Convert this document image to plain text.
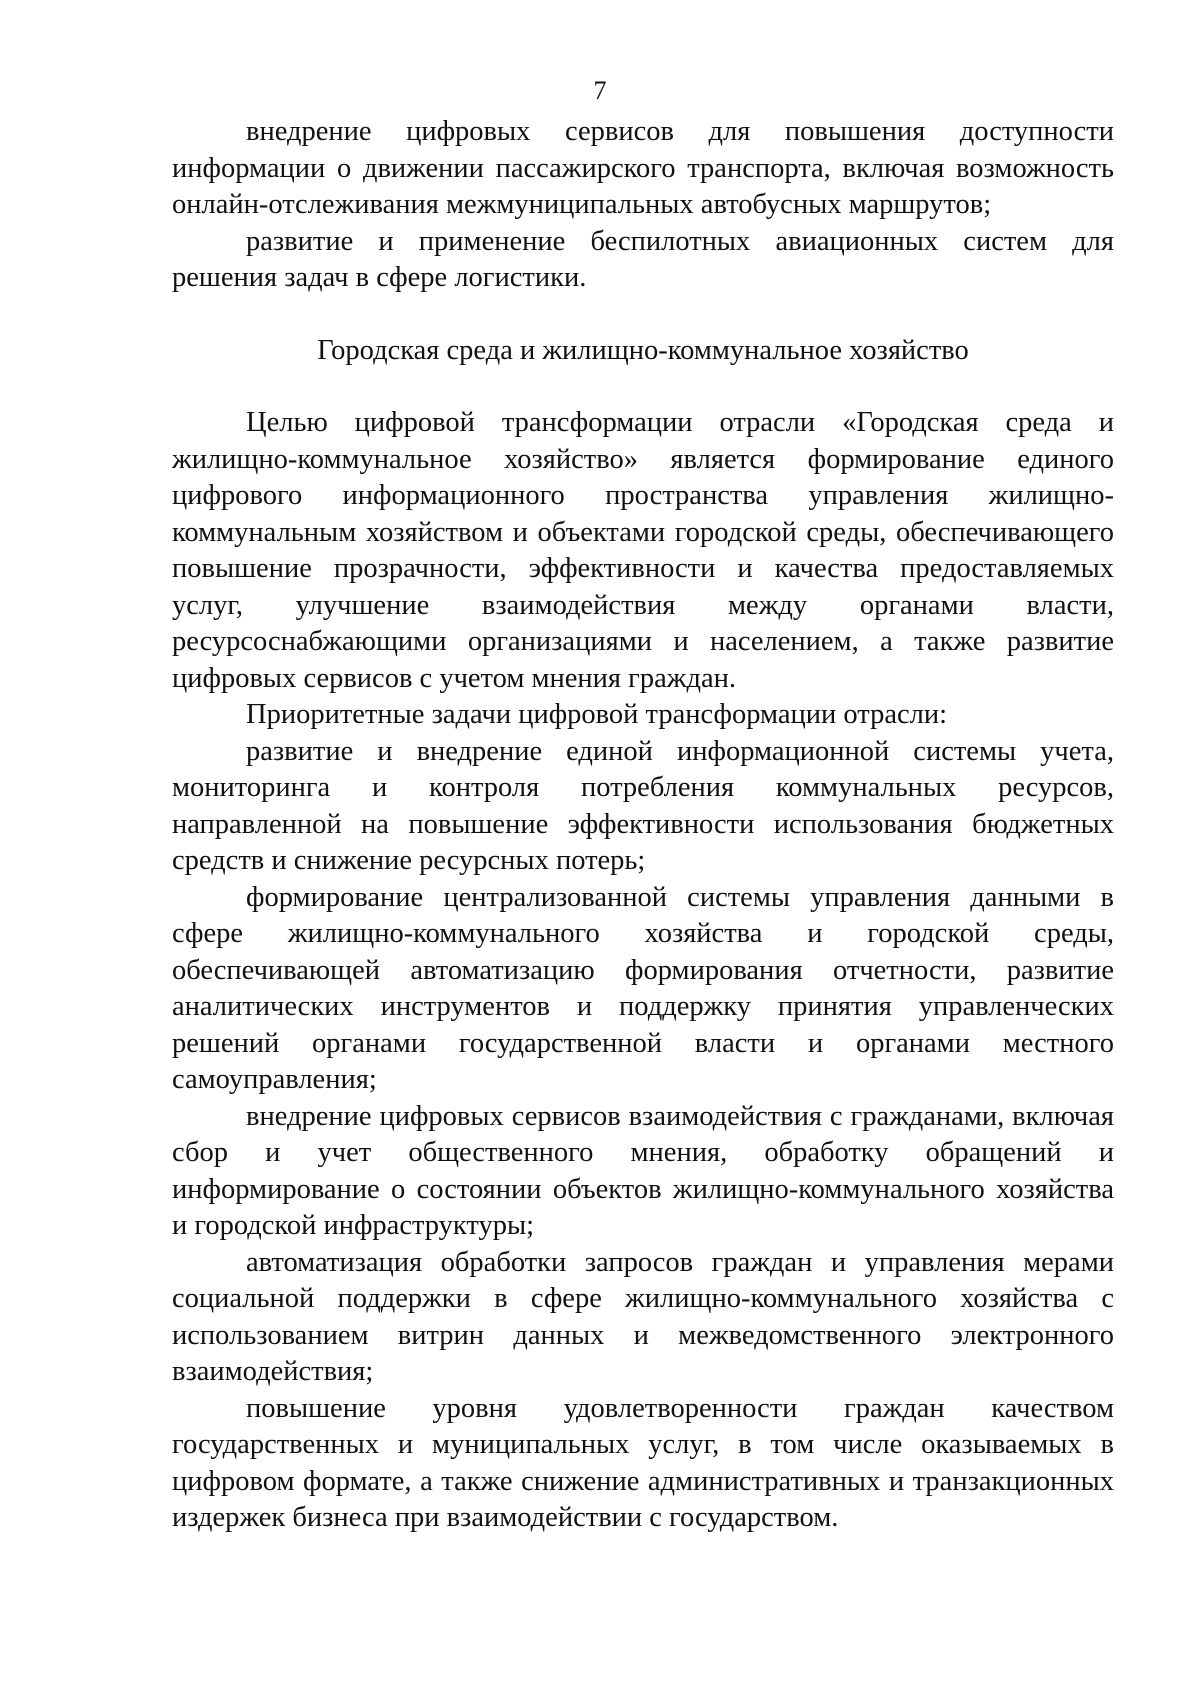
7

внедрение цифровых сервисов для повышения доступности информации о движении пассажирского транспорта, включая возможность онлайн-отслеживания межмуниципальных автобусных маршрутов;

развитие и применение беспилотных авиационных систем для решения задач в сфере логистики.

Городская среда и жилищно-коммунальное хозяйство

Целью цифровой трансформации отрасли «Городская среда и жилищно-коммунальное хозяйство» является формирование единого цифрового информационного пространства управления жилищно-коммунальным хозяйством и объектами городской среды, обеспечивающего повышение прозрачности, эффективности и качества предоставляемых услуг, улучшение взаимодействия между органами власти, ресурсоснабжающими организациями и населением, а также развитие цифровых сервисов с учетом мнения граждан.

Приоритетные задачи цифровой трансформации отрасли:

развитие и внедрение единой информационной системы учета, мониторинга и контроля потребления коммунальных ресурсов, направленной на повышение эффективности использования бюджетных средств и снижение ресурсных потерь;

формирование централизованной системы управления данными в сфере жилищно-коммунального хозяйства и городской среды, обеспечивающей автоматизацию формирования отчетности, развитие аналитических инструментов и поддержку принятия управленческих решений органами государственной власти и органами местного самоуправления;

внедрение цифровых сервисов взаимодействия с гражданами, включая сбор и учет общественного мнения, обработку обращений и информирование о состоянии объектов жилищно-коммунального хозяйства и городской инфраструктуры;

автоматизация обработки запросов граждан и управления мерами социальной поддержки в сфере жилищно-коммунального хозяйства с использованием витрин данных и межведомственного электронного взаимодействия;

повышение уровня удовлетворенности граждан качеством государственных и муниципальных услуг, в том числе оказываемых в цифровом формате, а также снижение административных и транзакционных издержек бизнеса при взаимодействии с государством.
